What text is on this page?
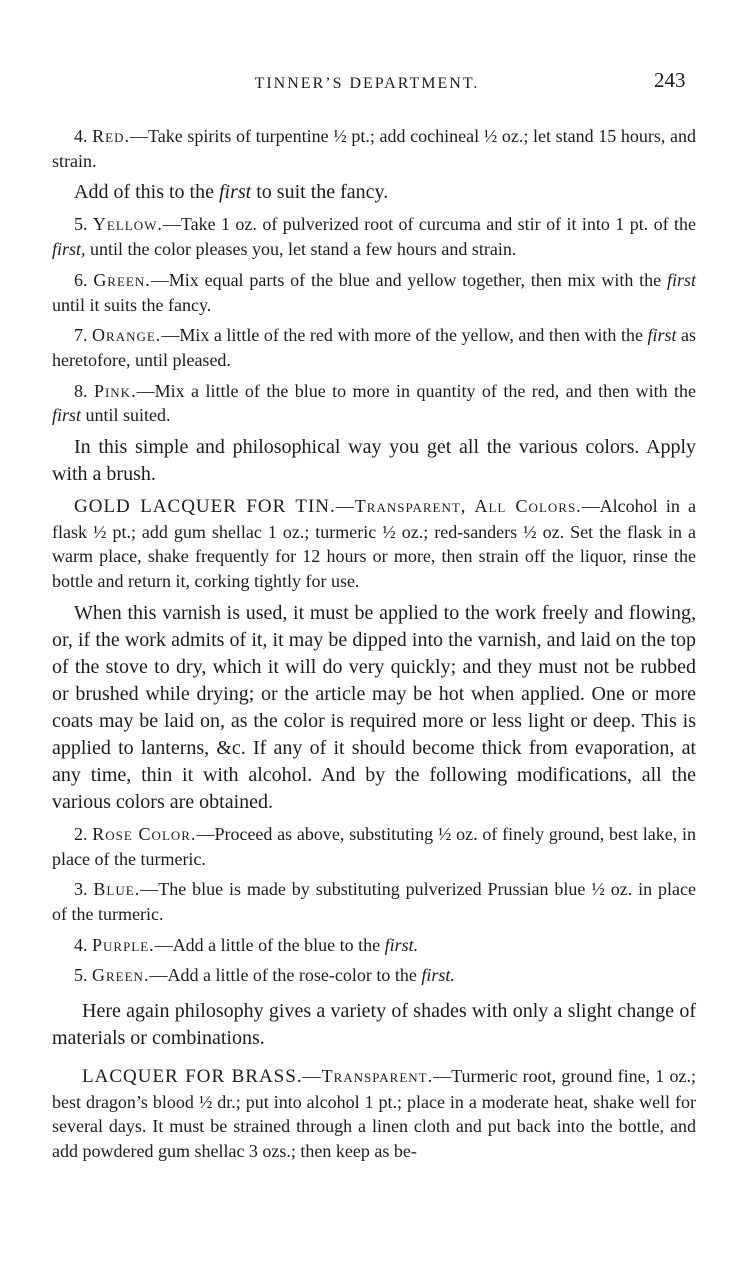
TINNER’S DEPARTMENT.	243

4. Red.—Take spirits of turpentine ½ pt.; add cochineal ½ oz.; let stand 15 hours, and strain.

Add of this to the first to suit the fancy.

5. Yellow.—Take 1 oz. of pulverized root of curcuma and stir of it into 1 pt. of the first, until the color pleases you, let stand a few hours and strain.

6. Green.—Mix equal parts of the blue and yellow together, then mix with the first until it suits the fancy.

7. Orange.—Mix a little of the red with more of the yellow, and then with the first as heretofore, until pleased.

8. Pink.—Mix a little of the blue to more in quantity of the red, and then with the first until suited.

In this simple and philosophical way you get all the various colors. Apply with a brush.

GOLD LACQUER FOR TIN.—Transparent, All Colors.—Alcohol in a flask ½ pt.; add gum shellac 1 oz.; turmeric ½ oz.; red-sanders ½ oz. Set the flask in a warm place, shake frequently for 12 hours or more, then strain off the liquor, rinse the bottle and return it, corking tightly for use.

When this varnish is used, it must be applied to the work freely and flowing, or, if the work admits of it, it may be dipped into the varnish, and laid on the top of the stove to dry, which it will do very quickly; and they must not be rubbed or brushed while drying; or the article may be hot when applied. One or more coats may be laid on, as the color is required more or less light or deep. This is applied to lanterns, &c. If any of it should become thick from evaporation, at any time, thin it with alcohol. And by the following modifications, all the various colors are obtained.

2. Rose Color.—Proceed as above, substituting ½ oz. of finely ground, best lake, in place of the turmeric.

3. Blue.—The blue is made by substituting pulverized Prussian blue ½ oz. in place of the turmeric.

4. Purple.—Add a little of the blue to the first.

5. Green.—Add a little of the rose-color to the first.

Here again philosophy gives a variety of shades with only a slight change of materials or combinations.

LACQUER FOR BRASS.—Transparent.—Turmeric root, ground fine, 1 oz.; best dragon’s blood ½ dr.; put into alcohol 1 pt.; place in a moderate heat, shake well for several days. It must be strained through a linen cloth and put back into the bottle, and add powdered gum shellac 3 ozs.; then keep as be-
